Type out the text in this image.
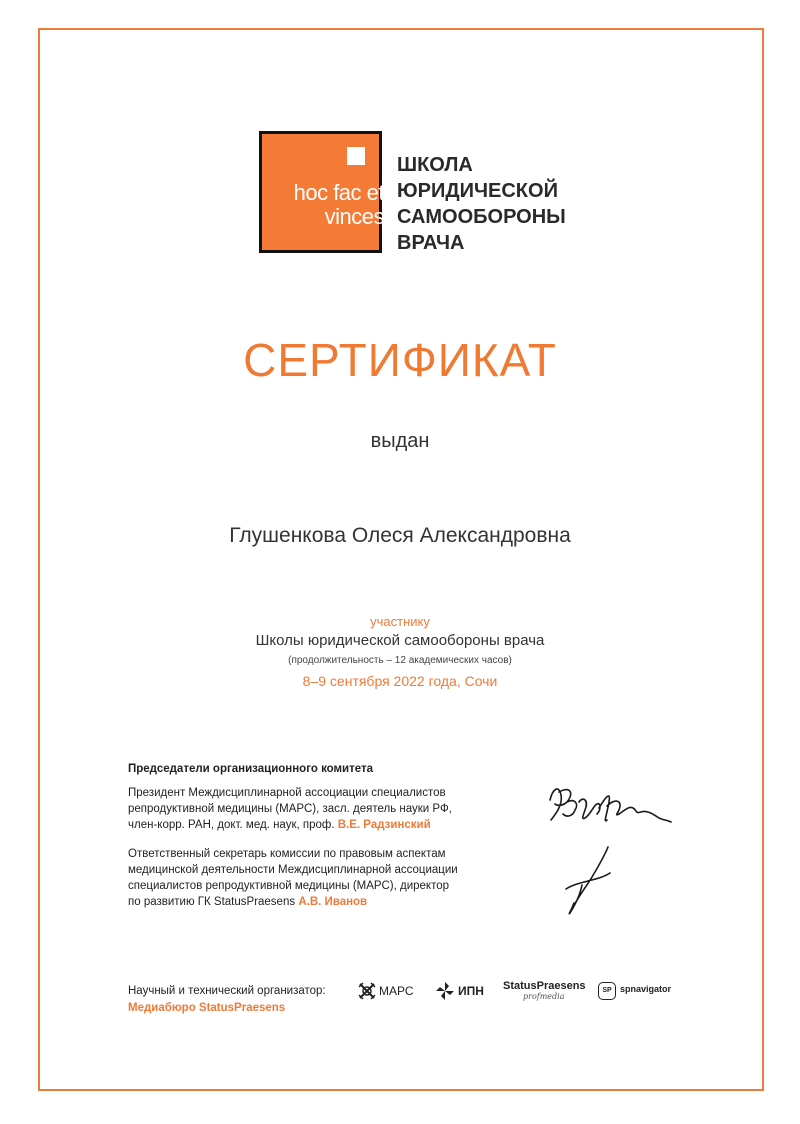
hoc fac et
vinces
ШКОЛА
ЮРИДИЧЕСКОЙ
САМООБОРОНЫ
ВРАЧА
СЕРТИФИКАТ
выдан
Глушенкова Олеся Александровна
участнику
Школы юридической самообороны врача
(продолжительность – 12 академических часов)
8–9 сентября 2022 года, Сочи
Председатели организационного комитета
Президент Междисциплинарной ассоциации специалистов
репродуктивной медицины (МАРС), засл. деятель науки РФ,
член-корр. РАН, докт. мед. наук, проф. В.Е. Радзинский
Ответственный секретарь комиссии по правовым аспектам
медицинской деятельности Междисциплинарной ассоциации
специалистов репродуктивной медицины (МАРС), директор
по развитию ГК StatusPraesens А.В. Иванов
Научный и технический организатор:
Медиабюро StatusPraesens
МАРС	ИПН StatusPraesens
profmedia
SP spnavigator
